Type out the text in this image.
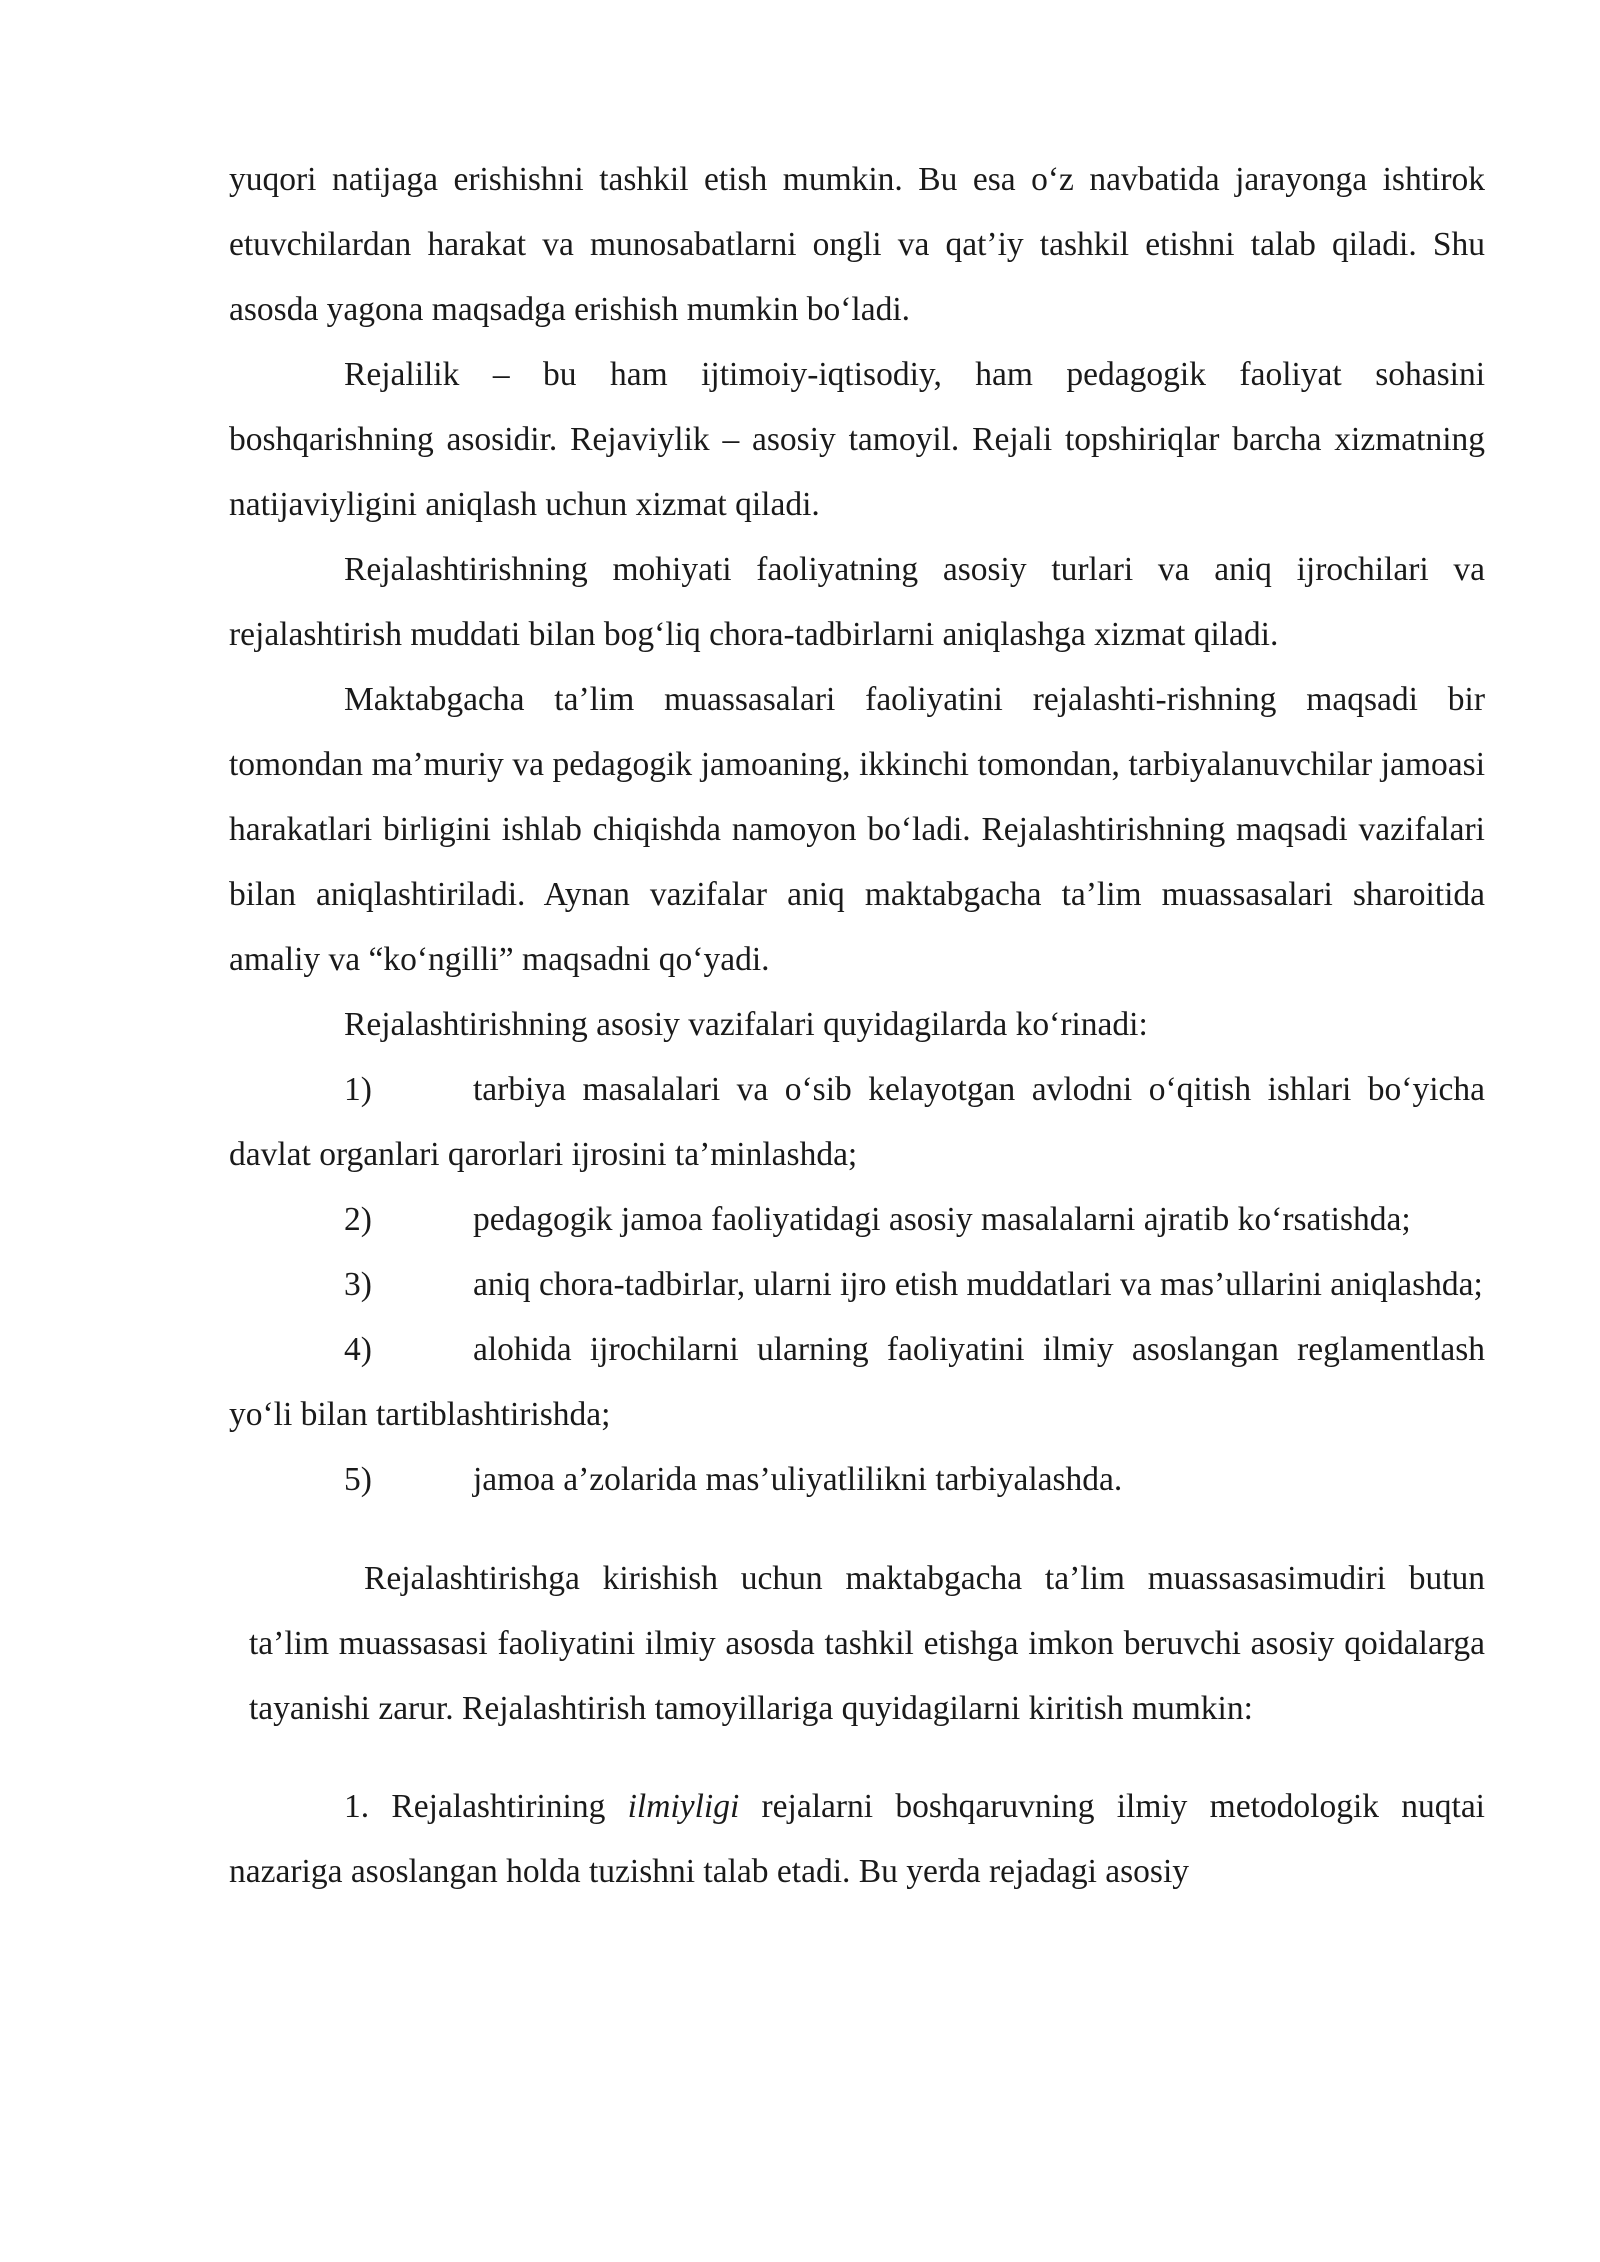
yuqori natijaga erishishni tashkil etish mumkin. Bu esa o‘z navbatida jarayonga ishtirok etuvchilardan harakat va munosabatlarni ongli va qat’iy tashkil etishni talab qiladi. Shu asosda yagona maqsadga erishish mumkin bo‘ladi.

Rejalilik – bu ham ijtimoiy-iqtisodiy, ham pedagogik faoliyat sohasini boshqarishning asosidir. Rejaviylik – asosiy tamoyil. Rejali topshiriqlar barcha xizmatning natijaviyligini aniqlash uchun xizmat qiladi.

Rejalashtirishning mohiyati faoliyatning asosiy turlari va aniq ijrochilari va rejalashtirish muddati bilan bog‘liq chora-tadbirlarni aniqlashga xizmat qiladi.

Maktabgacha ta’lim muassasalari faoliyatini rejalashti-rishning maqsadi bir tomondan ma’muriy va pedagogik jamoaning, ikkinchi tomondan, tarbiyalanuvchilar jamoasi harakatlari birligini ishlab chiqishda namoyon bo‘ladi. Rejalashtirishning maqsadi vazifalari bilan aniqlashtiriladi. Aynan vazifalar aniq maktabgacha ta’lim muassasalari sharoitida amaliy va “ko‘ngilli” maqsadni qo‘yadi.

Rejalashtirishning asosiy vazifalari quyidagilarda ko‘rinadi:

1)	tarbiya masalalari va o‘sib kelayotgan avlodni o‘qitish ishlari bo‘yicha davlat organlari qarorlari ijrosini ta’minlashda;

2)	pedagogik jamoa faoliyatidagi asosiy masalalarni ajratib ko‘rsatishda;

3)	aniq chora-tadbirlar, ularni ijro etish muddatlari va mas’ullarini aniqlashda;

4)	alohida ijrochilarni ularning faoliyatini ilmiy asoslangan reglamentlash yo‘li bilan tartiblashtirishda;

5)	jamoa a’zolarida mas’uliyatlilikni tarbiyalashda.

Rejalashtirishga kirishish uchun maktabgacha ta’lim muassasasimudiri butun ta’lim muassasasi faoliyatini ilmiy asosda tashkil etishga imkon beruvchi asosiy qoidalarga tayanishi zarur. Rejalashtirish tamoyillariga quyidagilarni kiritish mumkin:

1. Rejalashtirining ilmiyligi rejalarni boshqaruvning ilmiy metodologik nuqtai nazariga asoslangan holda tuzishni talab etadi. Bu yerda rejadagi asosiy
